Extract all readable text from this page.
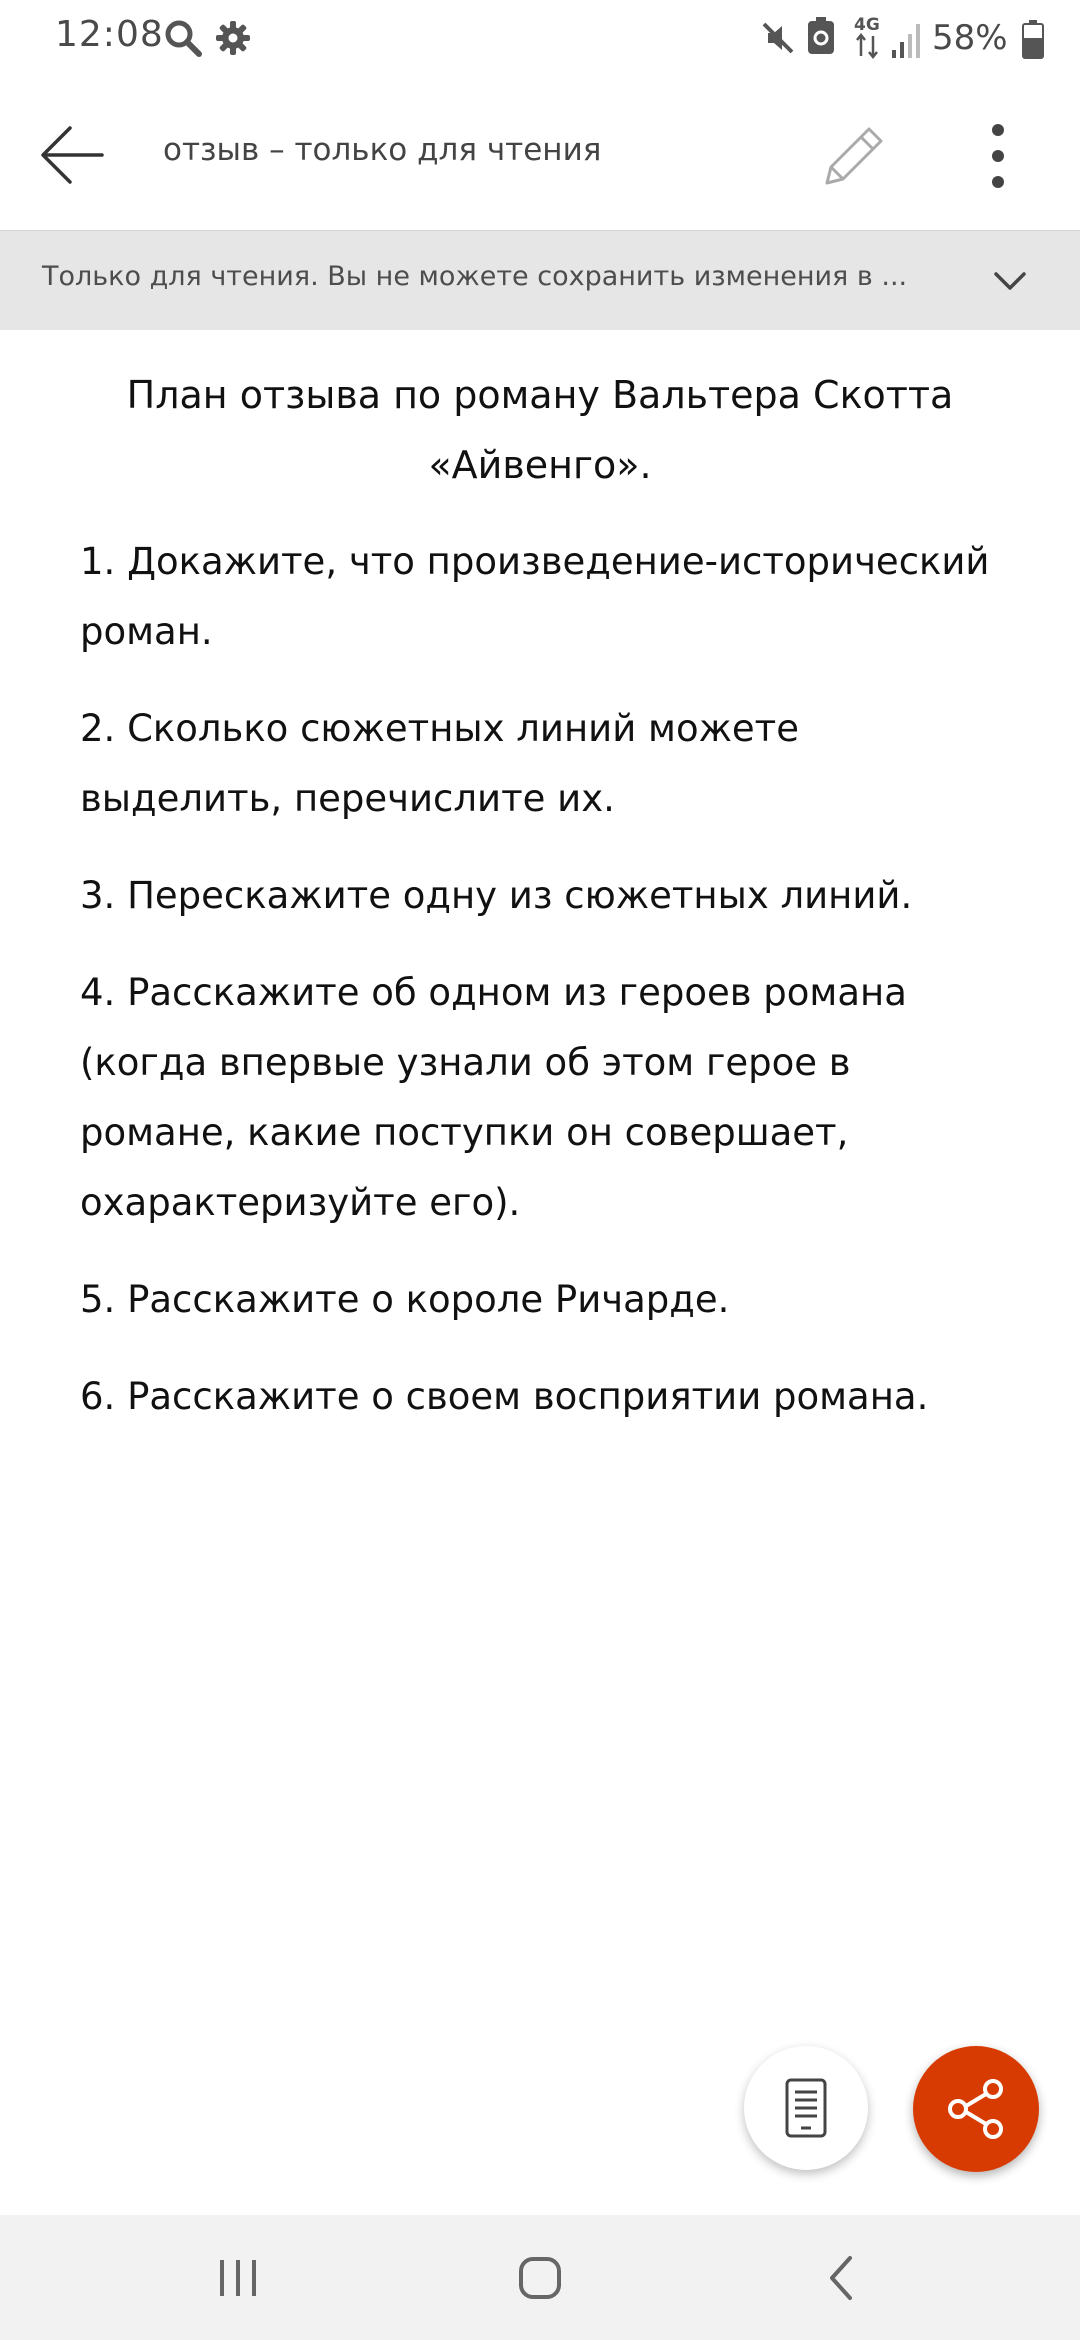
12:08	4G 58%
отзыв – только для чтения
Только для чтения. Вы не можете сохранить изменения в ...
План отзыва по роману Вальтера Скотта «Айвенго».
1. Докажите, что произведение-исторический роман.
2. Сколько сюжетных линий можете выделить, перечислите их.
3. Перескажите одну из сюжетных линий.
4. Расскажите об одном из героев романа (когда впервые узнали об этом герое в романе, какие поступки он совершает, охарактеризуйте его).
5. Расскажите о короле Ричарде.
6. Расскажите о своем восприятии романа.
